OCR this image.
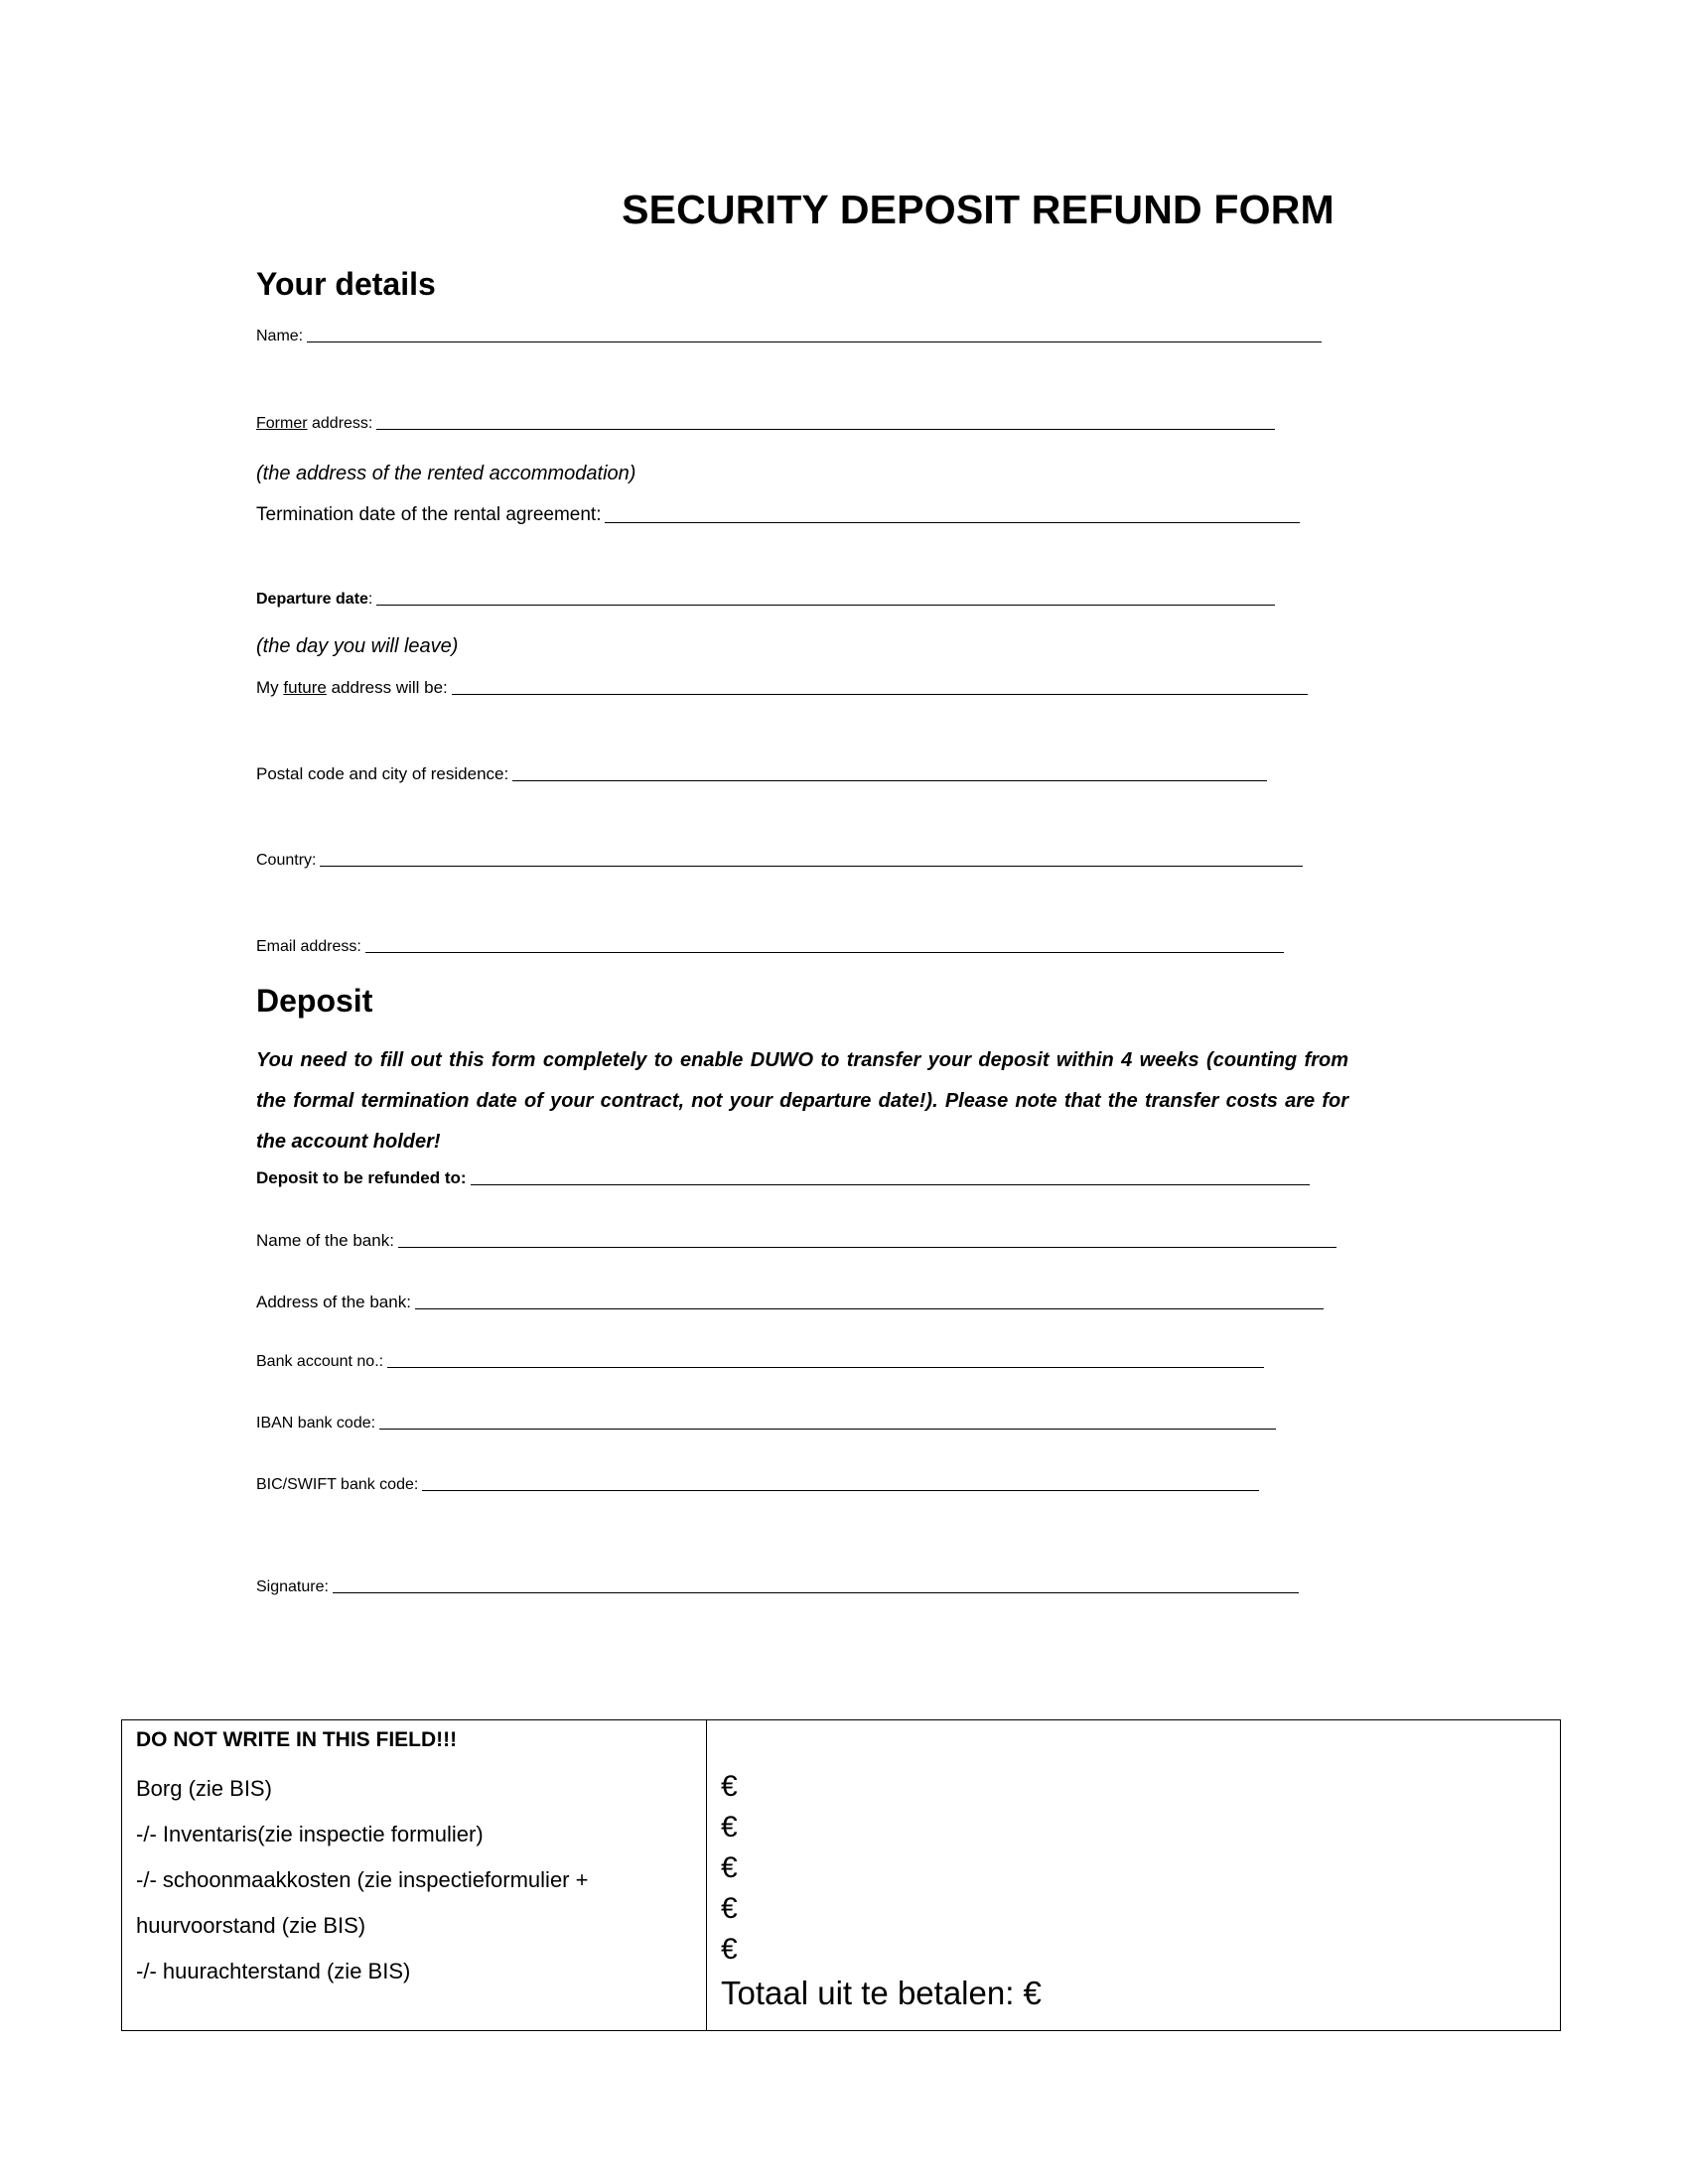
SECURITY DEPOSIT REFUND FORM
Your details
Name:
Former address:
(the address of the rented accommodation)
Termination date of the rental agreement:
Departure date:
(the day you will leave)
My future address will be:
Postal code and city of residence:
Country:
Email address:
Deposit
You need to fill out this form completely to enable DUWO to transfer your deposit within 4 weeks (counting from the formal termination date of your contract, not your departure date!). Please note that the transfer costs are for the account holder!
Deposit to be refunded to:
Name of the bank:
Address of the bank:
Bank account no.:
IBAN bank code:
BIC/SWIFT bank code:
Signature:
DO NOT WRITE IN THIS FIELD!!!
Borg (zie BIS)
-/- Inventaris(zie inspectie formulier)
-/- schoonmaakkosten (zie inspectieformulier +
huurvoorstand (zie BIS)
-/- huurachterstand (zie BIS)
€
€
€
€
€
Totaal uit te betalen: €
